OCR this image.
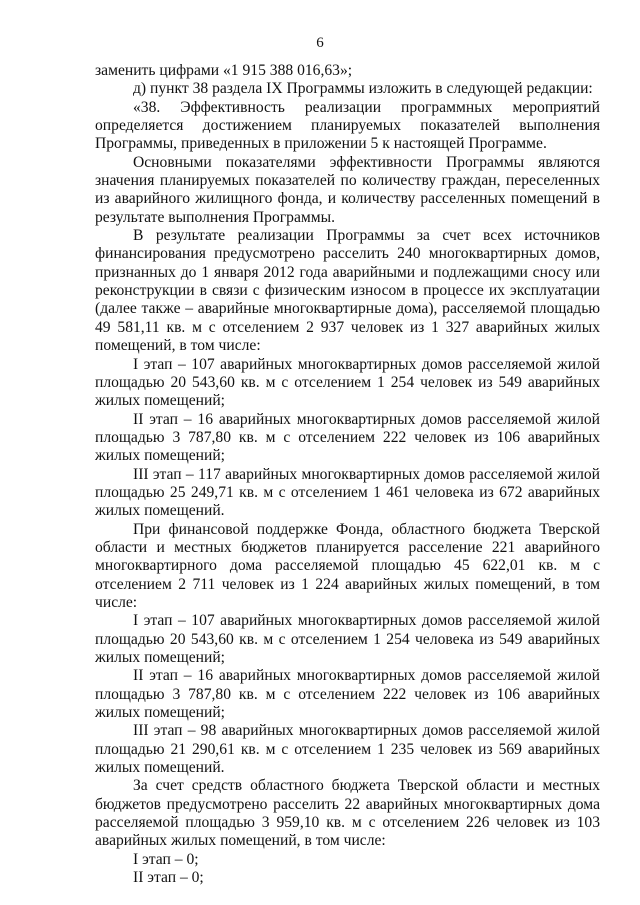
6

заменить цифрами «1 915 388 016,63»;

д) пункт 38 раздела IX Программы изложить в следующей редакции:

«38. Эффективность реализации программных мероприятий определяется достижением планируемых показателей выполнения Программы, приведенных в приложении 5 к настоящей Программе.

Основными показателями эффективности Программы являются значения планируемых показателей по количеству граждан, переселенных из аварийного жилищного фонда, и количеству расселенных помещений в результате выполнения Программы.

В результате реализации Программы за счет всех источников финансирования предусмотрено расселить 240 многоквартирных домов, признанных до 1 января 2012 года аварийными и подлежащими сносу или реконструкции в связи с физическим износом в процессе их эксплуатации (далее также – аварийные многоквартирные дома), расселяемой площадью 49 581,11 кв. м с отселением 2 937 человек из 1 327 аварийных жилых помещений, в том числе:

I этап – 107 аварийных многоквартирных домов расселяемой жилой площадью 20 543,60 кв. м с отселением 1 254 человек из 549 аварийных жилых помещений;

II этап – 16 аварийных многоквартирных домов расселяемой жилой площадью 3 787,80 кв. м с отселением 222 человек из 106 аварийных жилых помещений;

III этап – 117 аварийных многоквартирных домов расселяемой жилой площадью 25 249,71 кв. м с отселением 1 461 человека из 672 аварийных жилых помещений.

При финансовой поддержке Фонда, областного бюджета Тверской области и местных бюджетов планируется расселение 221 аварийного многоквартирного дома расселяемой площадью 45 622,01 кв. м с отселением 2 711 человек из 1 224 аварийных жилых помещений, в том числе:

I этап – 107 аварийных многоквартирных домов расселяемой жилой площадью 20 543,60 кв. м с отселением 1 254 человека из 549 аварийных жилых помещений;

II этап – 16 аварийных многоквартирных домов расселяемой жилой площадью 3 787,80 кв. м с отселением 222 человек из 106 аварийных жилых помещений;

III этап – 98 аварийных многоквартирных домов расселяемой жилой площадью 21 290,61 кв. м с отселением 1 235 человек из 569 аварийных жилых помещений.

За счет средств областного бюджета Тверской области и местных бюджетов предусмотрено расселить 22 аварийных многоквартирных дома расселяемой площадью 3 959,10 кв. м с отселением 226 человек из 103 аварийных жилых помещений, в том числе:

I этап – 0;

II этап – 0;
